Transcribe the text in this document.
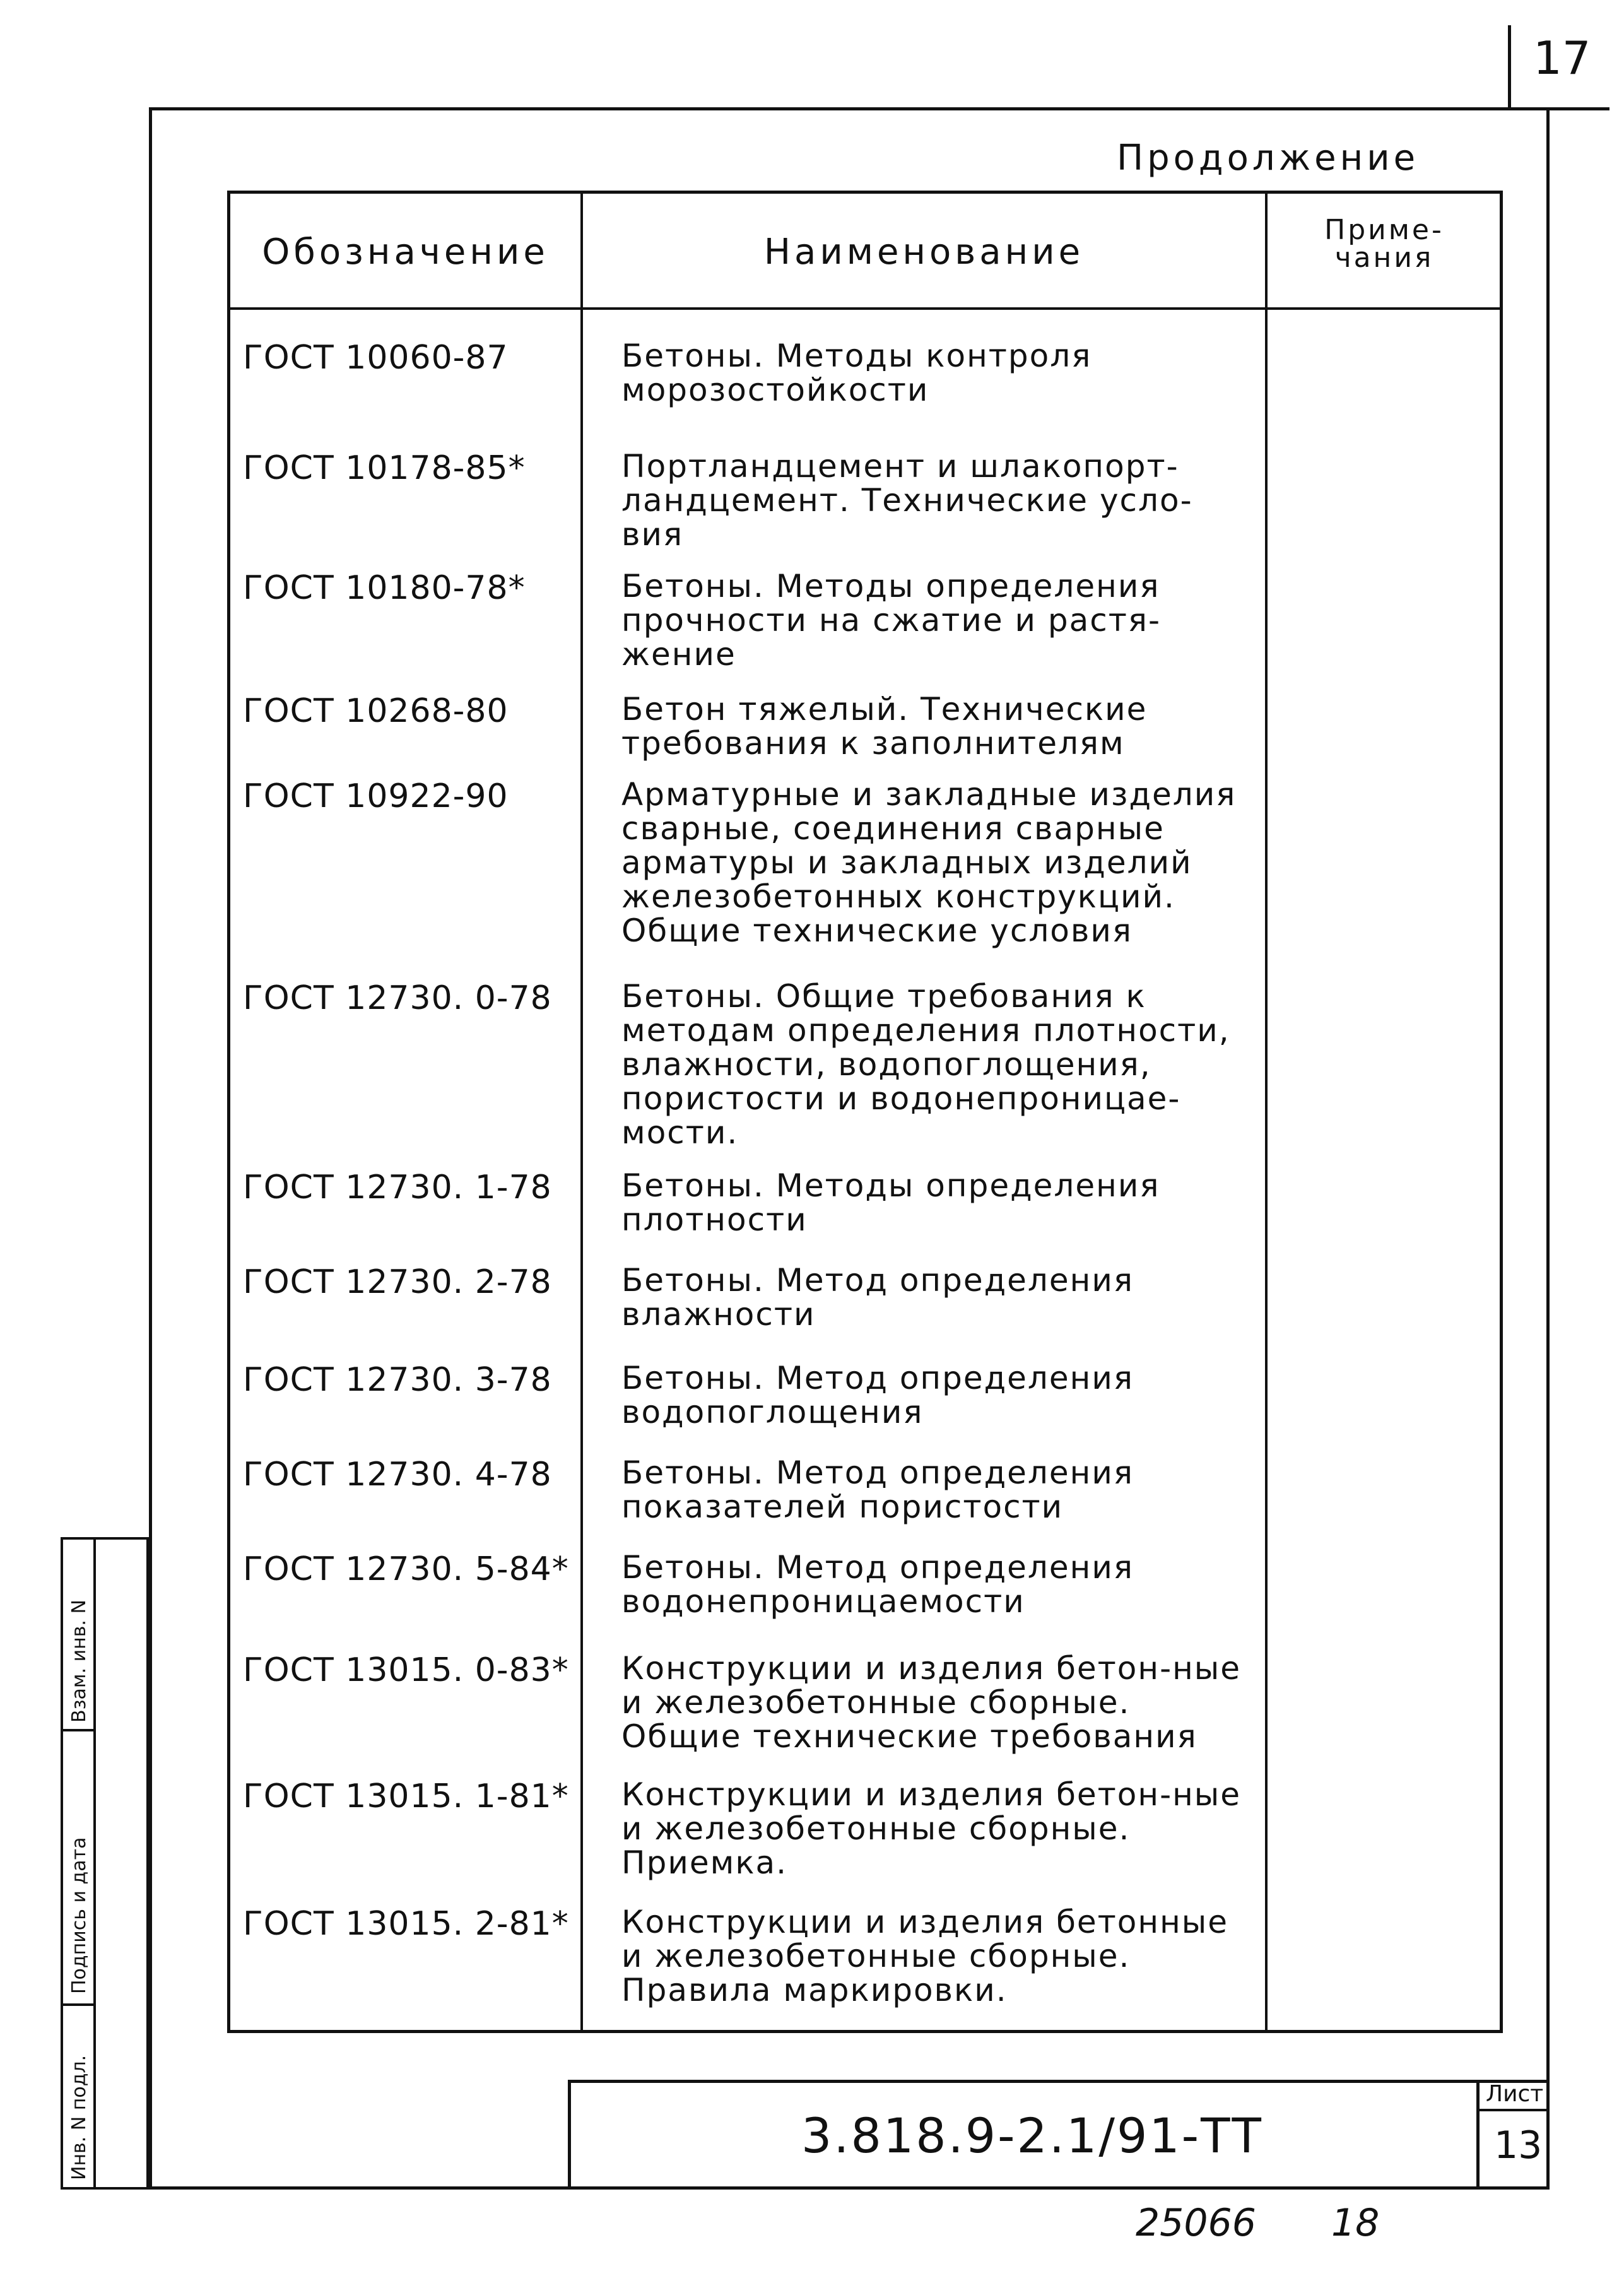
17
Продолжение
Обозначение	Наименование
Приме-
чания
ГОСТ 10060-87	Бетоны. Методы контроля морозостойкости
ГОСТ 10178-85*	Портландцемент и шлакопорт-ландцемент. Технические усло-вия
ГОСТ 10180-78*	Бетоны. Методы определения прочности на сжатие и растя-жение
ГОСТ 10268-80	Бетон тяжелый. Технические требования к заполнителям
ГОСТ 10922-90	Арматурные и закладные изделия сварные, соединения сварные арматуры и закладных изделий железобетонных конструкций. Общие технические условия
ГОСТ 12730. 0-78 Бетоны. Общие требования к методам определения плотности, влажности, водопоглощения, пористости и водонепроницае-мости.
ГОСТ 12730. 1-78 Бетоны. Методы определения плотности
ГОСТ 12730. 2-78 Бетоны. Метод определения влажности
ГОСТ 12730. 3-78 Бетоны. Метод определения водопоглощения
ГОСТ 12730. 4-78 Бетоны. Метод определения показателей пористости
ГОСТ 12730. 5-84* Бетоны. Метод определения водонепроницаемости
ГОСТ 13015. 0-83* Конструкции и изделия бетон-ные и железобетонные сборные. Общие технические требования
ГОСТ 13015. 1-81* Конструкции и изделия бетон-ные и железобетонные сборные. Приемка.
ГОСТ 13015. 2-81* Конструкции и изделия бетонные и железобетонные сборные. Правила маркировки.
3.818.9-2.1/91-ТТ
Лист
13
25066 18
Инв. N подл.
Подпись и дата
Взам. инв. N
